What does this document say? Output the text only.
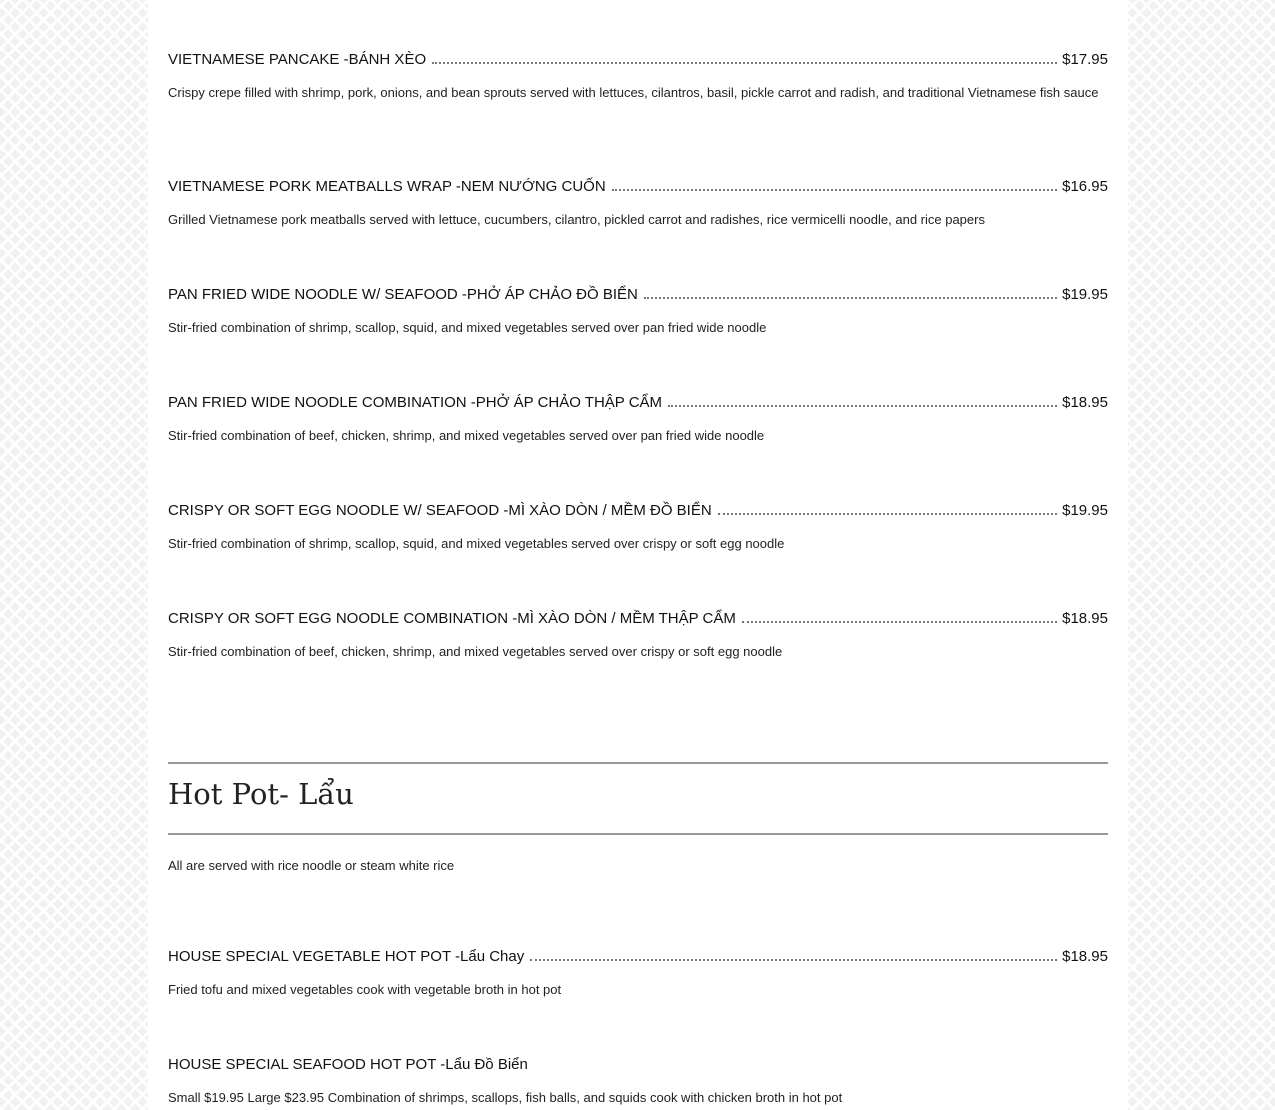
VIETNAMESE PANCAKE -BÁNH XÈO	$17.95
Crispy crepe filled with shrimp, pork, onions, and bean sprouts served with lettuces, cilantros, basil, pickle carrot and radish, and traditional Vietnamese fish sauce
VIETNAMESE PORK MEATBALLS WRAP -NEM NƯỚNG CUỐN	$16.95
Grilled Vietnamese pork meatballs served with lettuce, cucumbers, cilantro, pickled carrot and radishes, rice vermicelli noodle, and rice papers
PAN FRIED WIDE NOODLE W/ SEAFOOD -PHỞ ÁP CHẢO ĐỒ BIỂN	$19.95
Stir-fried combination of shrimp, scallop, squid, and mixed vegetables served over pan fried wide noodle
PAN FRIED WIDE NOODLE COMBINATION -PHỞ ÁP CHẢO THẬP CẨM	$18.95
Stir-fried combination of beef, chicken, shrimp, and mixed vegetables served over pan fried wide noodle
CRISPY OR SOFT EGG NOODLE W/ SEAFOOD -MÌ XÀO DÒN / MỀM ĐỒ BIỂN	$19.95
Stir-fried combination of shrimp, scallop, squid, and mixed vegetables served over crispy or soft egg noodle
CRISPY OR SOFT EGG NOODLE COMBINATION -MÌ XÀO DÒN / MỀM THẬP CẨM	$18.95
Stir-fried combination of beef, chicken, shrimp, and mixed vegetables served over crispy or soft egg noodle
Hot Pot- Lẩu
All are served with rice noodle or steam white rice
HOUSE SPECIAL VEGETABLE HOT POT -Lẩu Chay	$18.95
Fried tofu and mixed vegetables cook with vegetable broth in hot pot
HOUSE SPECIAL SEAFOOD HOT POT -Lẩu Đồ Biển
Small $19.95 Large $23.95 Combination of shrimps, scallops, fish balls, and squids cook with chicken broth in hot pot
